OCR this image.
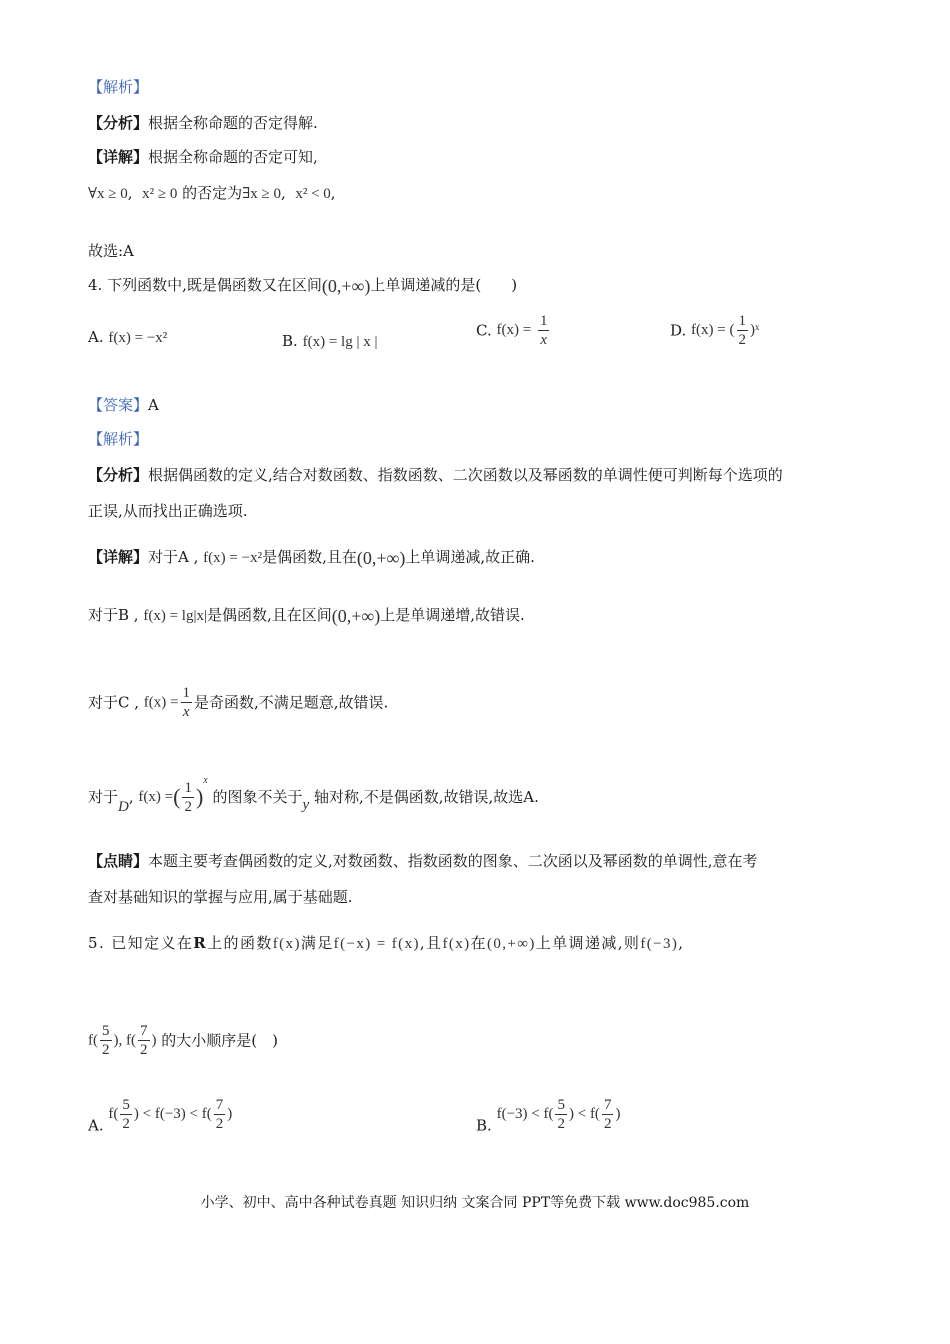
【解析】
【分析】根据全称命题的否定得解.
【详解】根据全称命题的否定可知,
∀x ≥ 0,  x² ≥ 0 的否定为∃x ≥ 0,  x² < 0,
故选:A
4. 下列函数中,既是偶函数又在区间(0,+∞)上单调递减的是(　　)
A. f(x) = −x²	B. f(x) = lg | x |
C. $f(x) = \frac{1}{x}$	D. f(x) = ( $\frac{1}{2}$ )ˣ
【答案】A
【解析】
【分析】根据偶函数的定义,结合对数函数、指数函数、二次函数以及幂函数的单调性便可判断每个选项的
正误,从而找出正确选项.
【详解】对于A , f(x) = −x²是偶函数,且在(0,+∞)上单调递减,故正确.
对于B , f(x) = lg|x|是偶函数,且在区间(0,+∞)上是单调递增,故错误.
对于C , $f(x) = \frac{1}{x}$ 是奇函数,不满足题意,故错误.
对于D, f(x) =( $\frac{1}{2} )^x$ 的图象不关于y 轴对称,不是偶函数,故错误,故选A.
【点睛】本题主要考查偶函数的定义,对数函数、指数函数的图象、二次函以及幂函数的单调性,意在考
查对基础知识的掌握与应用,属于基础题.
5. 已知定义在R上的函数f(x)满足f(−x) = f(x),且f(x)在(0,+∞)上单调递减,则f(−3),
$f( \frac{5}{2}$ ), $f( \frac{7}{2}$ ) 的大小顺序是(　)
A. $f( \frac{5}{2}$ ) < $f(-3) < f( \frac{7}{2}$ )
B. $f(-3) < f( \frac{5}{2}$ ) < $f( \frac{7}{2}$ )
小学、初中、高中各种试卷真题 知识归纳 文案合同 PPT等免费下载 www.doc985.com
